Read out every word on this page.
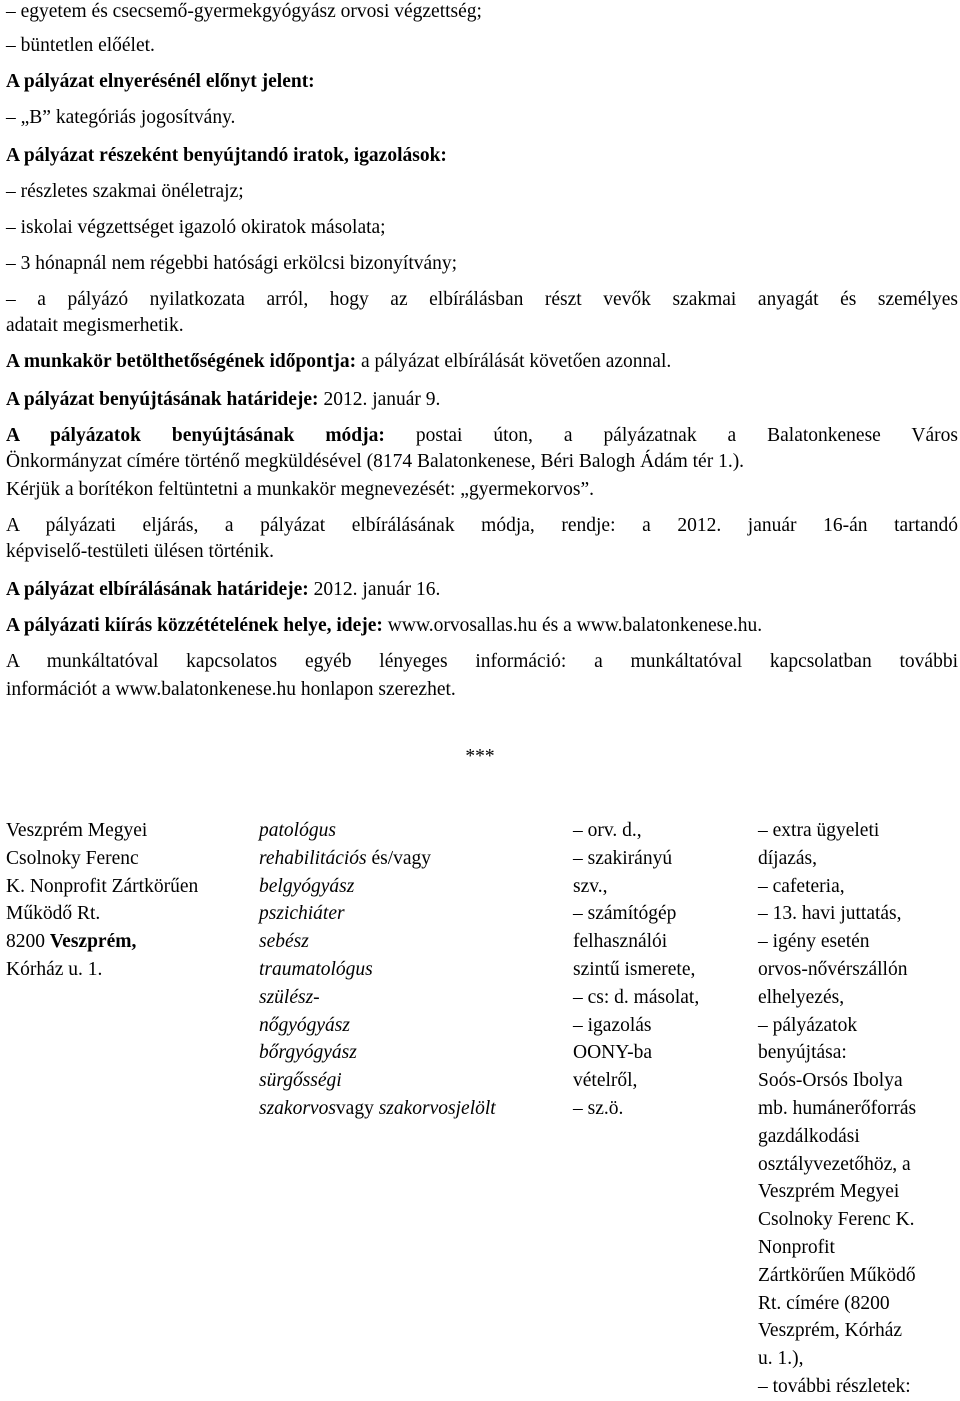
– egyetem és csecsemő-gyermekgyógyász orvosi végzettség;
– büntetlen előélet.
A pályázat elnyerésénél előnyt jelent:
– „B” kategóriás jogosítvány.
A pályázat részeként benyújtandó iratok, igazolások:
– részletes szakmai önéletrajz;
– iskolai végzettséget igazoló okiratok másolata;
– 3 hónapnál nem régebbi hatósági erkölcsi bizonyítvány;
– a pályázó nyilatkozata arról, hogy az elbírálásban részt vevők szakmai anyagát és személyes
adatait megismerhetik.
A munkakör betölthetőségének időpontja: a pályázat elbírálását követően azonnal.
A pályázat benyújtásának határideje: 2012. január 9.
A pályázatok benyújtásának módja: postai úton, a pályázatnak a Balatonkenese Város
Önkormányzat címére történő megküldésével (8174 Balatonkenese, Béri Balogh Ádám tér 1.).
Kérjük a borítékon feltüntetni a munkakör megnevezését: „gyermekorvos”.
A pályázati eljárás, a pályázat elbírálásának módja, rendje: a 2012. január 16-án tartandó
képviselő-testületi ülésen történik.
A pályázat elbírálásának határideje: 2012. január 16.
A pályázati kiírás közzétételének helye, ideje: www.orvosallas.hu és a www.balatonkenese.hu.
A munkáltatóval kapcsolatos egyéb lényeges információ: a munkáltatóval kapcsolatban további
információt a www.balatonkenese.hu honlapon szerezhet.
***
Veszprém Megyei
Csolnoky Ferenc
K. Nonprofit Zártkörűen
Működő Rt.
8200 Veszprém,
Kórház u. 1.
patológus
rehabilitációs és/vagy
belgyógyász
pszichiáter
sebész
traumatológus
szülész-
nőgyógyász
bőrgyógyász
sürgősségi
szakorvosvagy szakorvosjelölt
– orv. d.,
– szakirányú
szv.,
– számítógép
felhasználói
szintű ismerete,
– cs: d. másolat,
– igazolás
OONY-ba
vételről,
– sz.ö.
– extra ügyeleti
díjazás,
– cafeteria,
– 13. havi juttatás,
– igény esetén
orvos-nővérszállón
elhelyezés,
– pályázatok
benyújtása:
Soós-Orsós Ibolya
mb. humánerőforrás
gazdálkodási
osztályvezetőhöz, a
Veszprém Megyei
Csolnoky Ferenc K.
Nonprofit
Zártkörűen Működő
Rt. címére (8200
Veszprém, Kórház
u. 1.),
– további részletek:
